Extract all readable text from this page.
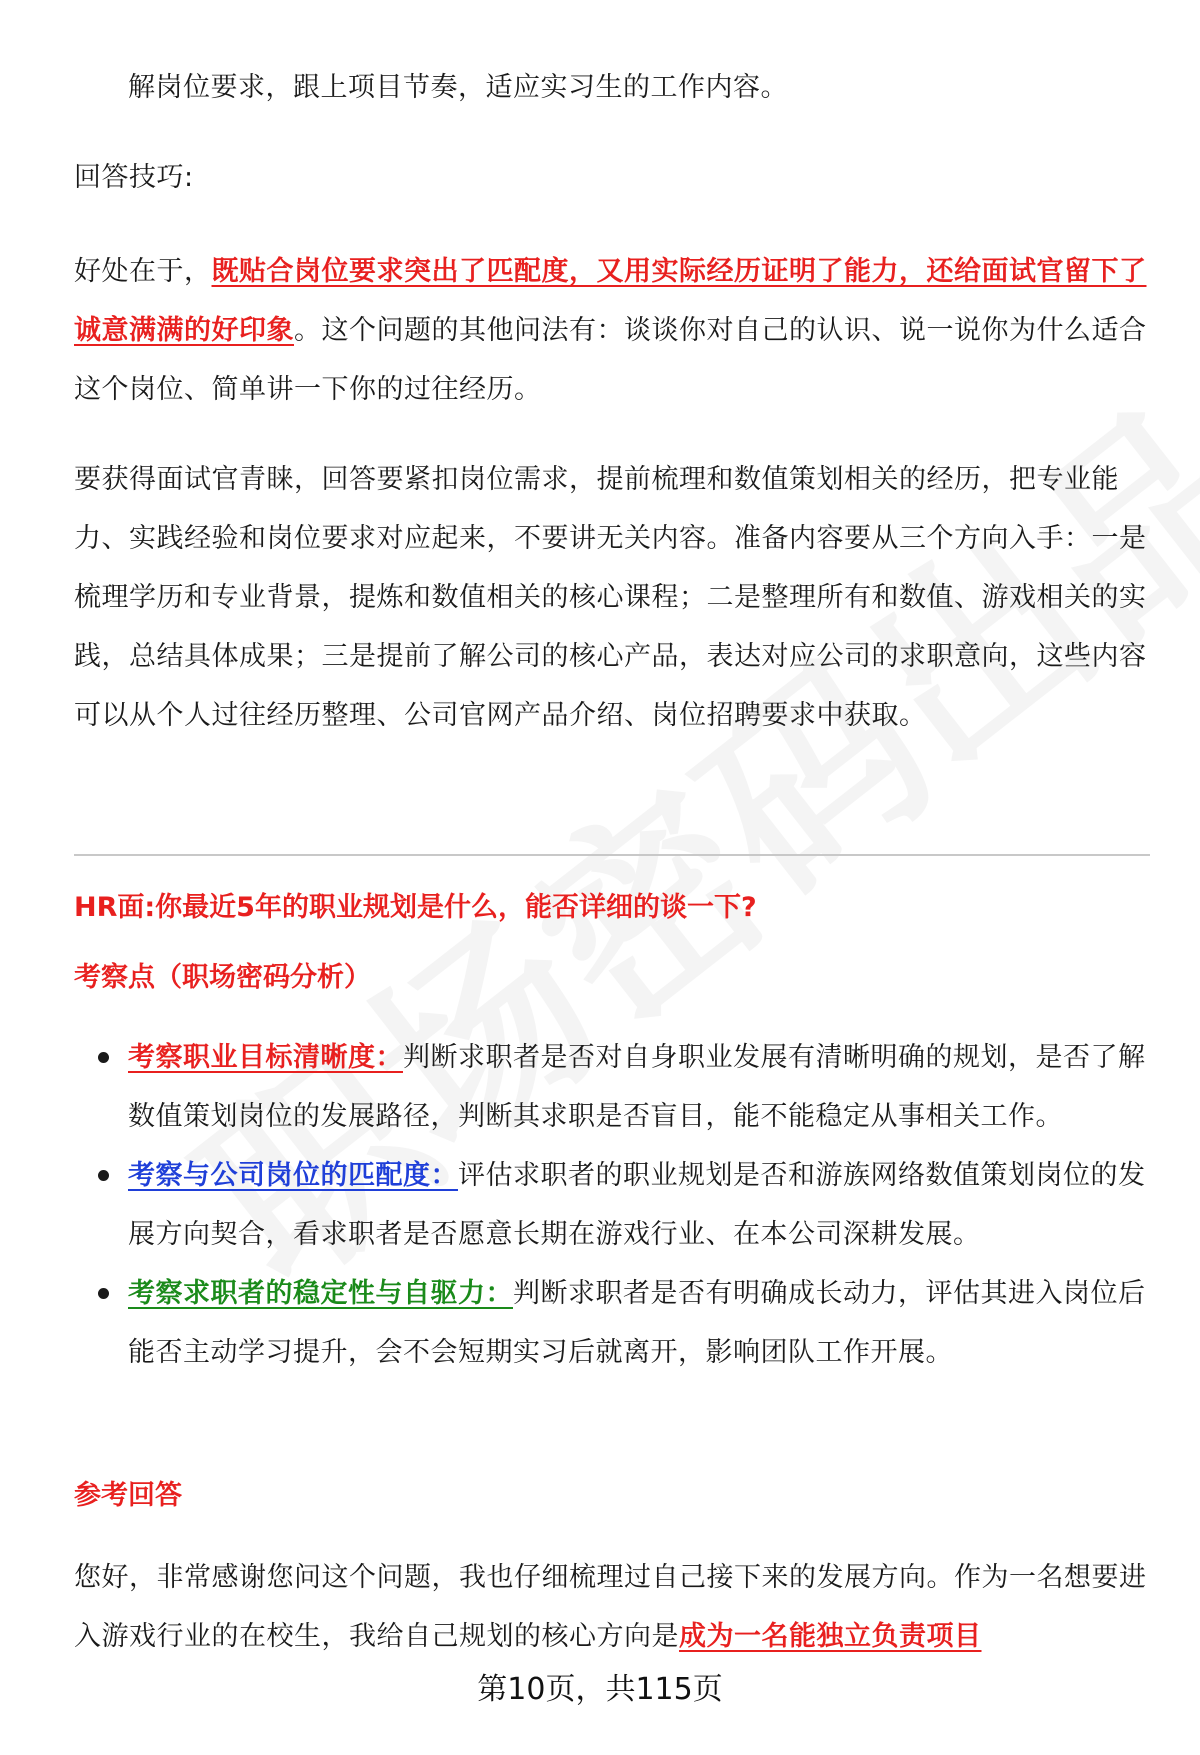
解岗位要求，跟上项目节奏，适应实习生的工作内容。

回答技巧:

好处在于，既贴合岗位要求突出了匹配度，又用实际经历证明了能力，还给面试官留下了诚意满满的好印象。这个问题的其他问法有：谈谈你对自己的认识、说一说你为什么适合这个岗位、简单讲一下你的过往经历。

要获得面试官青睐，回答要紧扣岗位需求，提前梳理和数值策划相关的经历，把专业能力、实践经验和岗位要求对应起来，不要讲无关内容。准备内容要从三个方向入手：一是梳理学历和专业背景，提炼和数值相关的核心课程；二是整理所有和数值、游戏相关的实践，总结具体成果；三是提前了解公司的核心产品，表达对应公司的求职意向，这些内容可以从个人过往经历整理、公司官网产品介绍、岗位招聘要求中获取。

HR面:你最近5年的职业规划是什么，能否详细的谈一下?

考察点（职场密码分析）

考察职业目标清晰度：判断求职者是否对自身职业发展有清晰明确的规划，是否了解数值策划岗位的发展路径，判断其求职是否盲目，能不能稳定从事相关工作。
考察与公司岗位的匹配度：评估求职者的职业规划是否和游族网络数值策划岗位的发展方向契合，看求职者是否愿意长期在游戏行业、在本公司深耕发展。
考察求职者的稳定性与自驱力：判断求职者是否有明确成长动力，评估其进入岗位后能否主动学习提升，会不会短期实习后就离开，影响团队工作开展。

参考回答

您好，非常感谢您问这个问题，我也仔细梳理过自己接下来的发展方向。作为一名想要进入游戏行业的在校生，我给自己规划的核心方向是成为一名能独立负责项目

第10页，共115页
